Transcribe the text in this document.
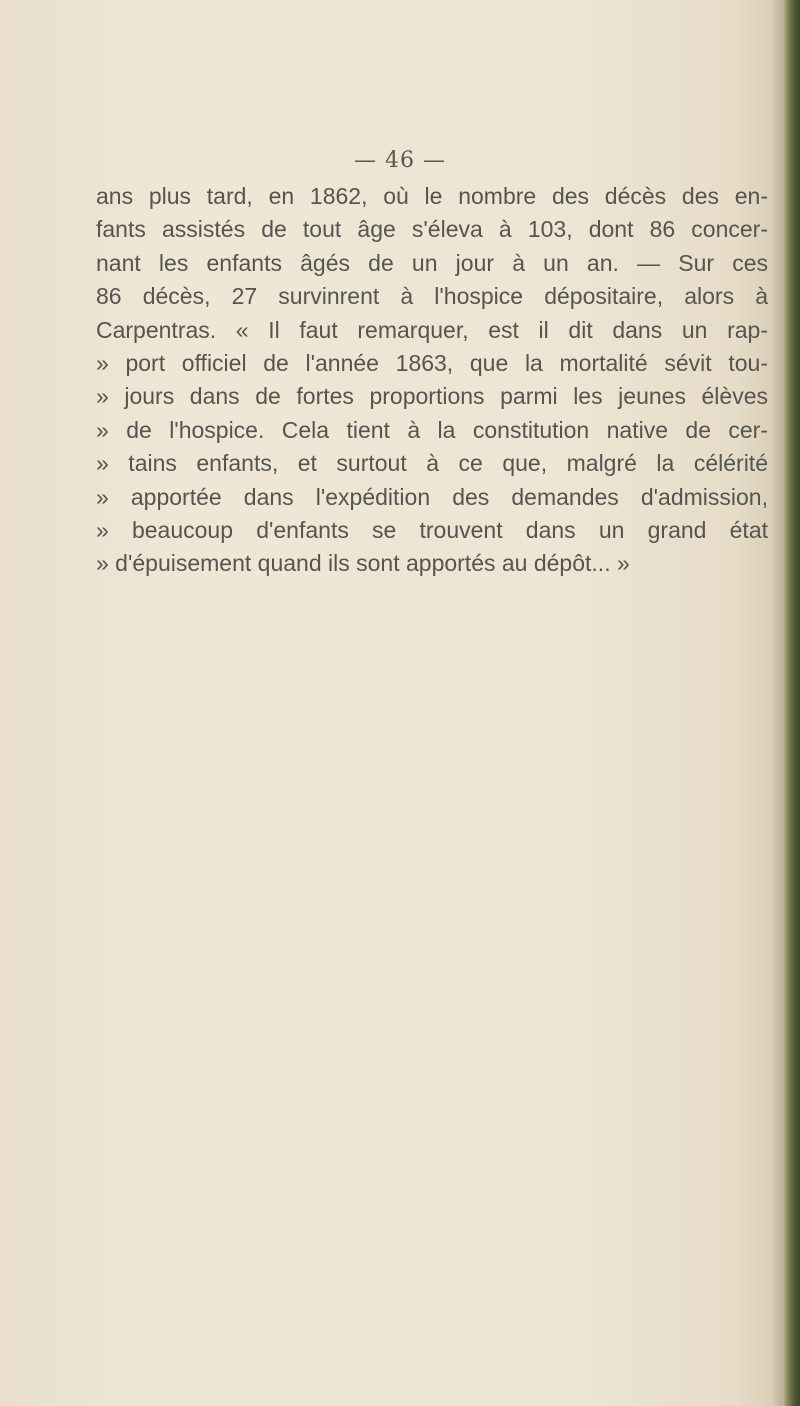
— 46 —
ans plus tard, en 1862, où le nombre des décès des en-
fants assistés de tout âge s'éleva à 103, dont 86 concer-
nant les enfants âgés de un jour à un an. — Sur ces
86 décès, 27 survinrent à l'hospice dépositaire, alors à
Carpentras. « Il faut remarquer, est il dit dans un rap-
» port officiel de l'année 1863, que la mortalité sévit tou-
» jours dans de fortes proportions parmi les jeunes élèves
» de l'hospice. Cela tient à la constitution native de cer-
» tains enfants, et surtout à ce que, malgré la célérité
» apportée dans l'expédition des demandes d'admission,
» beaucoup d'enfants se trouvent dans un grand état
» d'épuisement quand ils sont apportés au dépôt... »
